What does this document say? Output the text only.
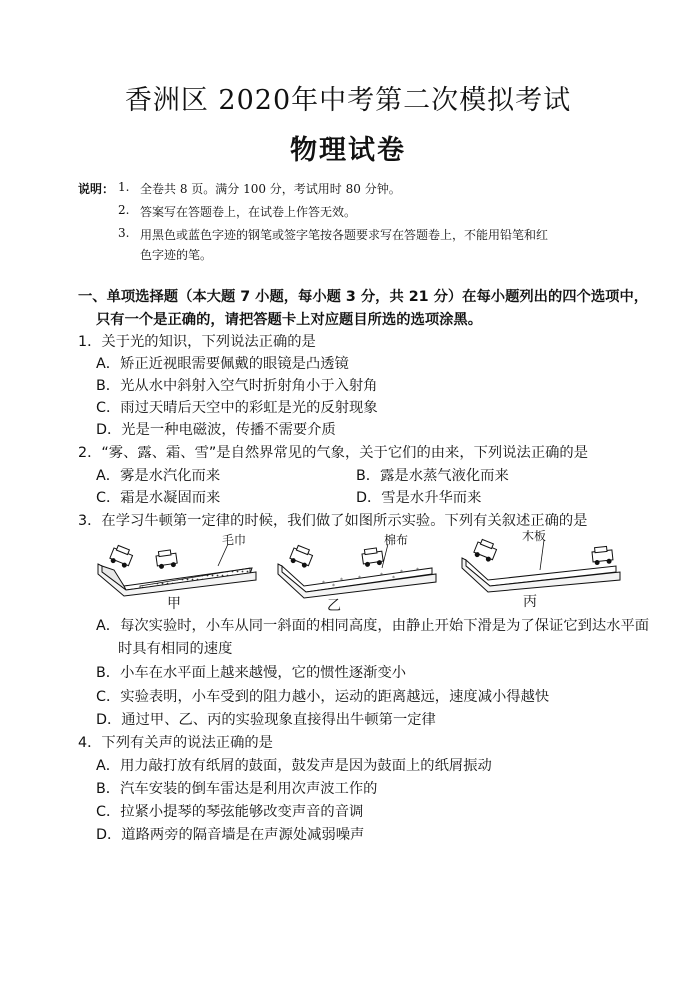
香洲区 2020年中考第二次模拟考试
物理试卷
说明： 1. 全卷共 8 页。满分 100 分，考试用时 80 分钟。
2. 答案写在答题卷上，在试卷上作答无效。
3. 用黑色或蓝色字迹的钢笔或签字笔按各题要求写在答题卷上，不能用铅笔和红
色字迹的笔。
一、单项选择题（本大题 7 小题，每小题 3 分，共 21 分）在每小题列出的四个选项中，
只有一个是正确的，请把答题卡上对应题目所选的选项涂黑。
1．关于光的知识，下列说法正确的是
A．矫正近视眼需要佩戴的眼镜是凸透镜
B．光从水中斜射入空气时折射角小于入射角
C．雨过天晴后天空中的彩虹是光的反射现象
D．光是一种电磁波，传播不需要介质
2．“雾、露、霜、雪”是自然界常见的气象，关于它们的由来，下列说法正确的是
A．雾是水汽化而来	B．露是水蒸气液化而来
C．霜是水凝固而来	D．雪是水升华而来
3．在学习牛顿第一定律的时候，我们做了如图所示实验。下列有关叙述正确的是
毛巾
甲
*	*	*	*	* *
*
*
棉布
乙
木板
丙
A．每次实验时，小车从同一斜面的相同高度，由静止开始下滑是为了保证它到达水平面
时具有相同的速度
B．小车在水平面上越来越慢，它的惯性逐渐变小
C．实验表明，小车受到的阻力越小，运动的距离越远，速度减小得越快
D．通过甲、乙、丙的实验现象直接得出牛顿第一定律
4．下列有关声的说法正确的是
A．用力敲打放有纸屑的鼓面，鼓发声是因为鼓面上的纸屑振动
B．汽车安装的倒车雷达是利用次声波工作的
C．拉紧小提琴的琴弦能够改变声音的音调
D．道路两旁的隔音墙是在声源处减弱噪声
